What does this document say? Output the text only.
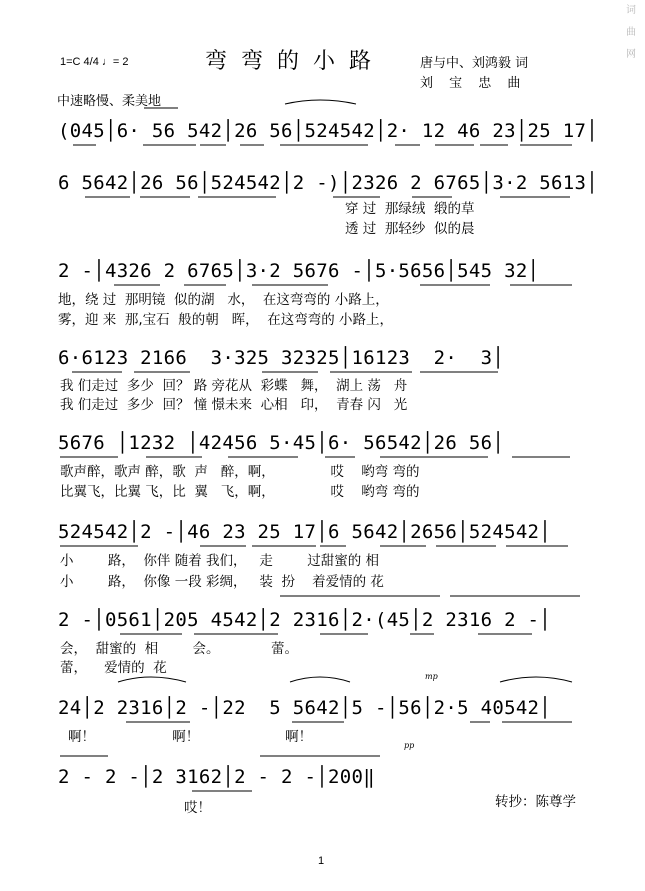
词
曲
网
1=C 4/4 ♩= 2	弯弯的小路	唐与中、刘鸿毅 词
刘 宝 忠 曲
中速略慢、柔美地
(045│6· 56 542│26 56│524542│2· 12 46 23│25 17│
6 5642│26 56│524542│2 -)│2326 2 6765│3·2 5613│
穿 过  那绿绒  缎的草
透 过  那轻纱  似的晨
2 -│4326 2 6765│3·2 5676 -│5·5656│545 32│
地，绕 过  那明镜  似的湖   水，  在这弯弯的 小路上，
雾，迎 来  那,宝石  般的朝   晖，  在这弯弯的 小路上，
6·6123 2166  3·325 32325│16123  2·  3│
我 们走过  多少  回？ 路 旁花从  彩蝶   舞，  湖上 荡   舟
我 们走过  多少  回？ 憧 憬未来  心相   印，  青春 闪   光
5676 │1232 │42456 5·45│6· 56542│26 56│
歌声醉，歌声 醉，歌  声   醉，啊，             哎    哟弯 弯的
比翼飞，比翼 飞，比  翼   飞，啊，             哎    哟弯 弯的
524542│2 -│46 23 25 17│6 5642│2656│524542│
小        路，  你伴 随着 我们，   走        过甜蜜的 相
小        路，  你像 一段 彩绸，   装  扮    着爱情的 花
2 -│0561│205 4542│2 2316│2·(45│2 2316 2 -│
会，  甜蜜的  相        会。            蕾。
蕾，    爱情的  花
mp
24│2 2316│2 -│22  5 5642│5 -│56│2·5 40542│
啊！                  啊！                    啊！
pp
2 - 2 -│2 3162│2 - 2 -│200‖
哎！	转抄：陈尊学
1
